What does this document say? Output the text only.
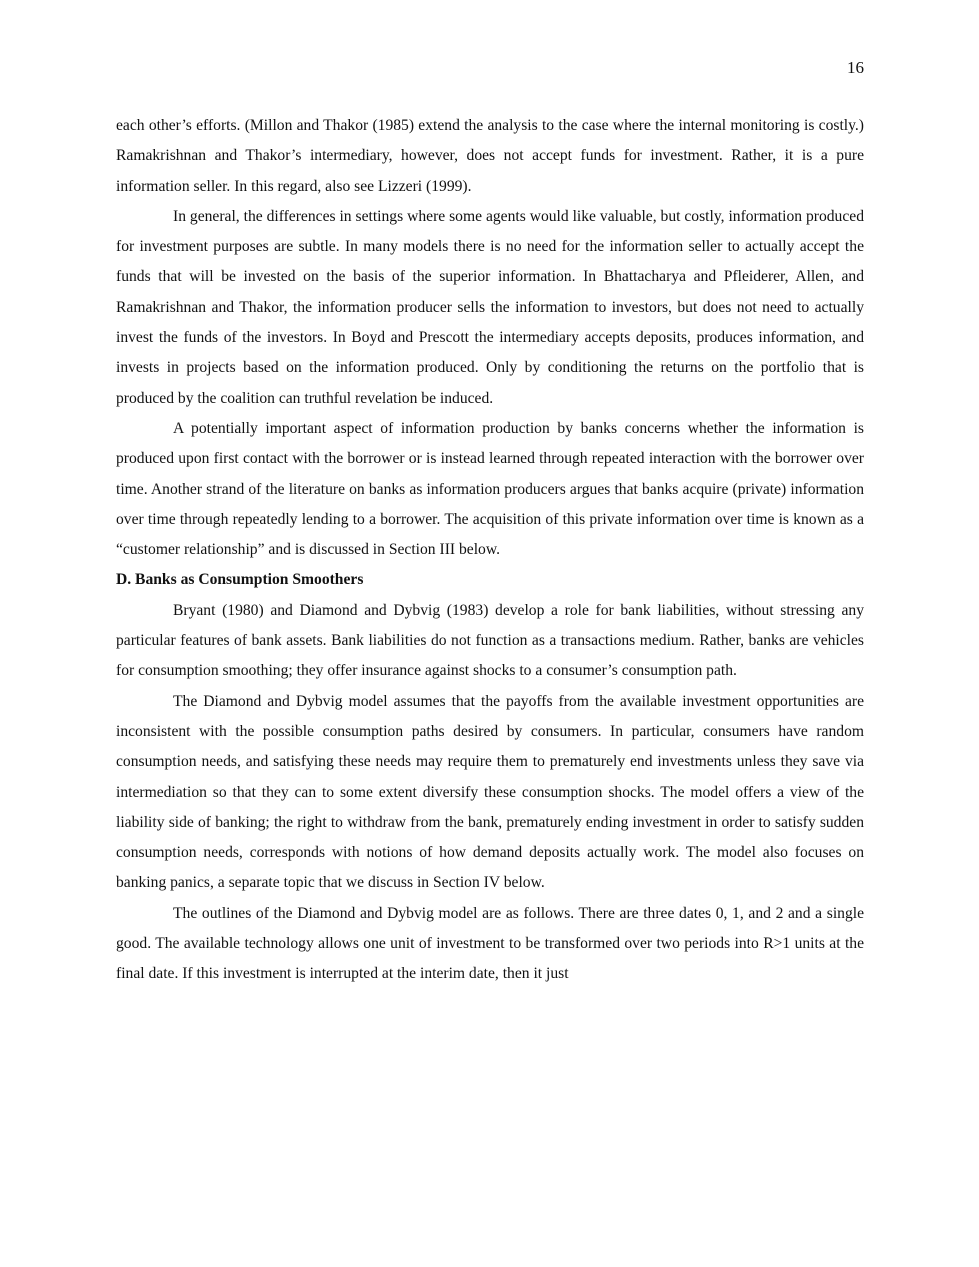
16

each other’s efforts. (Millon and Thakor (1985) extend the analysis to the case where the internal monitoring is costly.) Ramakrishnan and Thakor’s intermediary, however, does not accept funds for investment. Rather, it is a pure information seller. In this regard, also see Lizzeri (1999).

In general, the differences in settings where some agents would like valuable, but costly, information produced for investment purposes are subtle. In many models there is no need for the information seller to actually accept the funds that will be invested on the basis of the superior information. In Bhattacharya and Pfleiderer, Allen, and Ramakrishnan and Thakor, the information producer sells the information to investors, but does not need to actually invest the funds of the investors. In Boyd and Prescott the intermediary accepts deposits, produces information, and invests in projects based on the information produced. Only by conditioning the returns on the portfolio that is produced by the coalition can truthful revelation be induced.

A potentially important aspect of information production by banks concerns whether the information is produced upon first contact with the borrower or is instead learned through repeated interaction with the borrower over time. Another strand of the literature on banks as information producers argues that banks acquire (private) information over time through repeatedly lending to a borrower. The acquisition of this private information over time is known as a “customer relationship” and is discussed in Section III below.

D. Banks as Consumption Smoothers

Bryant (1980) and Diamond and Dybvig (1983) develop a role for bank liabilities, without stressing any particular features of bank assets. Bank liabilities do not function as a transactions medium. Rather, banks are vehicles for consumption smoothing; they offer insurance against shocks to a consumer’s consumption path.

The Diamond and Dybvig model assumes that the payoffs from the available investment opportunities are inconsistent with the possible consumption paths desired by consumers. In particular, consumers have random consumption needs, and satisfying these needs may require them to prematurely end investments unless they save via intermediation so that they can to some extent diversify these consumption shocks. The model offers a view of the liability side of banking; the right to withdraw from the bank, prematurely ending investment in order to satisfy sudden consumption needs, corresponds with notions of how demand deposits actually work. The model also focuses on banking panics, a separate topic that we discuss in Section IV below.

The outlines of the Diamond and Dybvig model are as follows. There are three dates 0, 1, and 2 and a single good. The available technology allows one unit of investment to be transformed over two periods into R>1 units at the final date. If this investment is interrupted at the interim date, then it just
